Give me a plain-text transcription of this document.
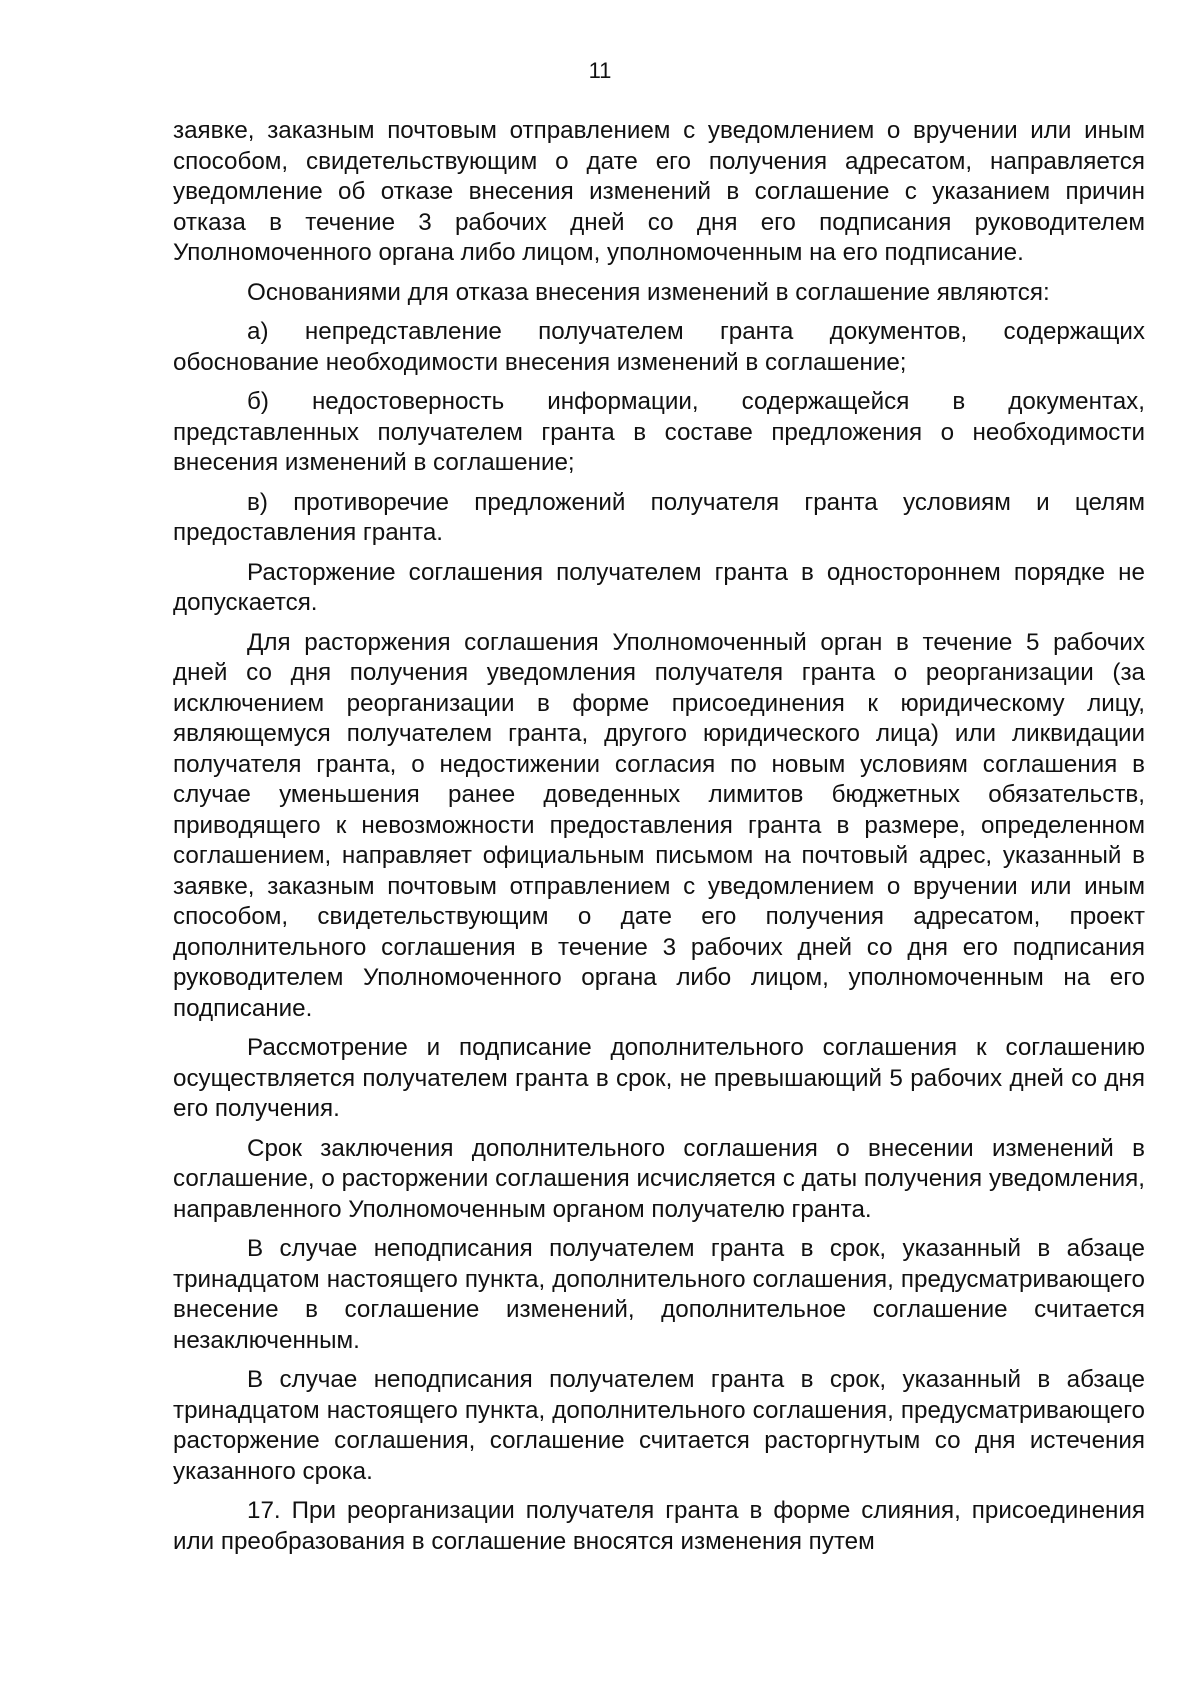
11

заявке, заказным почтовым отправлением с уведомлением о вручении или иным способом, свидетельствующим о дате его получения адресатом, направляется уведомление об отказе внесения изменений в соглашение с указанием причин отказа в течение 3 рабочих дней со дня его подписания руководителем Уполномоченного органа либо лицом, уполномоченным на его подписание.

Основаниями для отказа внесения изменений в соглашение являются:

а) непредставление получателем гранта документов, содержащих обоснование необходимости внесения изменений в соглашение;

б) недостоверность информации, содержащейся в документах, представленных получателем гранта в составе предложения о необходимости внесения изменений в соглашение;

в) противоречие предложений получателя гранта условиям и целям предоставления гранта.

Расторжение соглашения получателем гранта в одностороннем порядке не допускается.

Для расторжения соглашения Уполномоченный орган в течение 5 рабочих дней со дня получения уведомления получателя гранта о реорганизации (за исключением реорганизации в форме присоединения к юридическому лицу, являющемуся получателем гранта, другого юридического лица) или ликвидации получателя гранта, о недостижении согласия по новым условиям соглашения в случае уменьшения ранее доведенных лимитов бюджетных обязательств, приводящего к невозможности предоставления гранта в размере, определенном соглашением, направляет официальным письмом на почтовый адрес, указанный в заявке, заказным почтовым отправлением с уведомлением о вручении или иным способом, свидетельствующим о дате его получения адресатом, проект дополнительного соглашения в течение 3 рабочих дней со дня его подписания руководителем Уполномоченного органа либо лицом, уполномоченным на его подписание.

Рассмотрение и подписание дополнительного соглашения к соглашению осуществляется получателем гранта в срок, не превышающий 5 рабочих дней со дня его получения.

Срок заключения дополнительного соглашения о внесении изменений в соглашение, о расторжении соглашения исчисляется с даты получения уведомления, направленного Уполномоченным органом получателю гранта.

В случае неподписания получателем гранта в срок, указанный в абзаце тринадцатом настоящего пункта, дополнительного соглашения, предусматривающего внесение в соглашение изменений, дополнительное соглашение считается незаключенным.

В случае неподписания получателем гранта в срок, указанный в абзаце тринадцатом настоящего пункта, дополнительного соглашения, предусматривающего расторжение соглашения, соглашение считается расторгнутым со дня истечения указанного срока.

17. При реорганизации получателя гранта в форме слияния, присоединения или преобразования в соглашение вносятся изменения путем
